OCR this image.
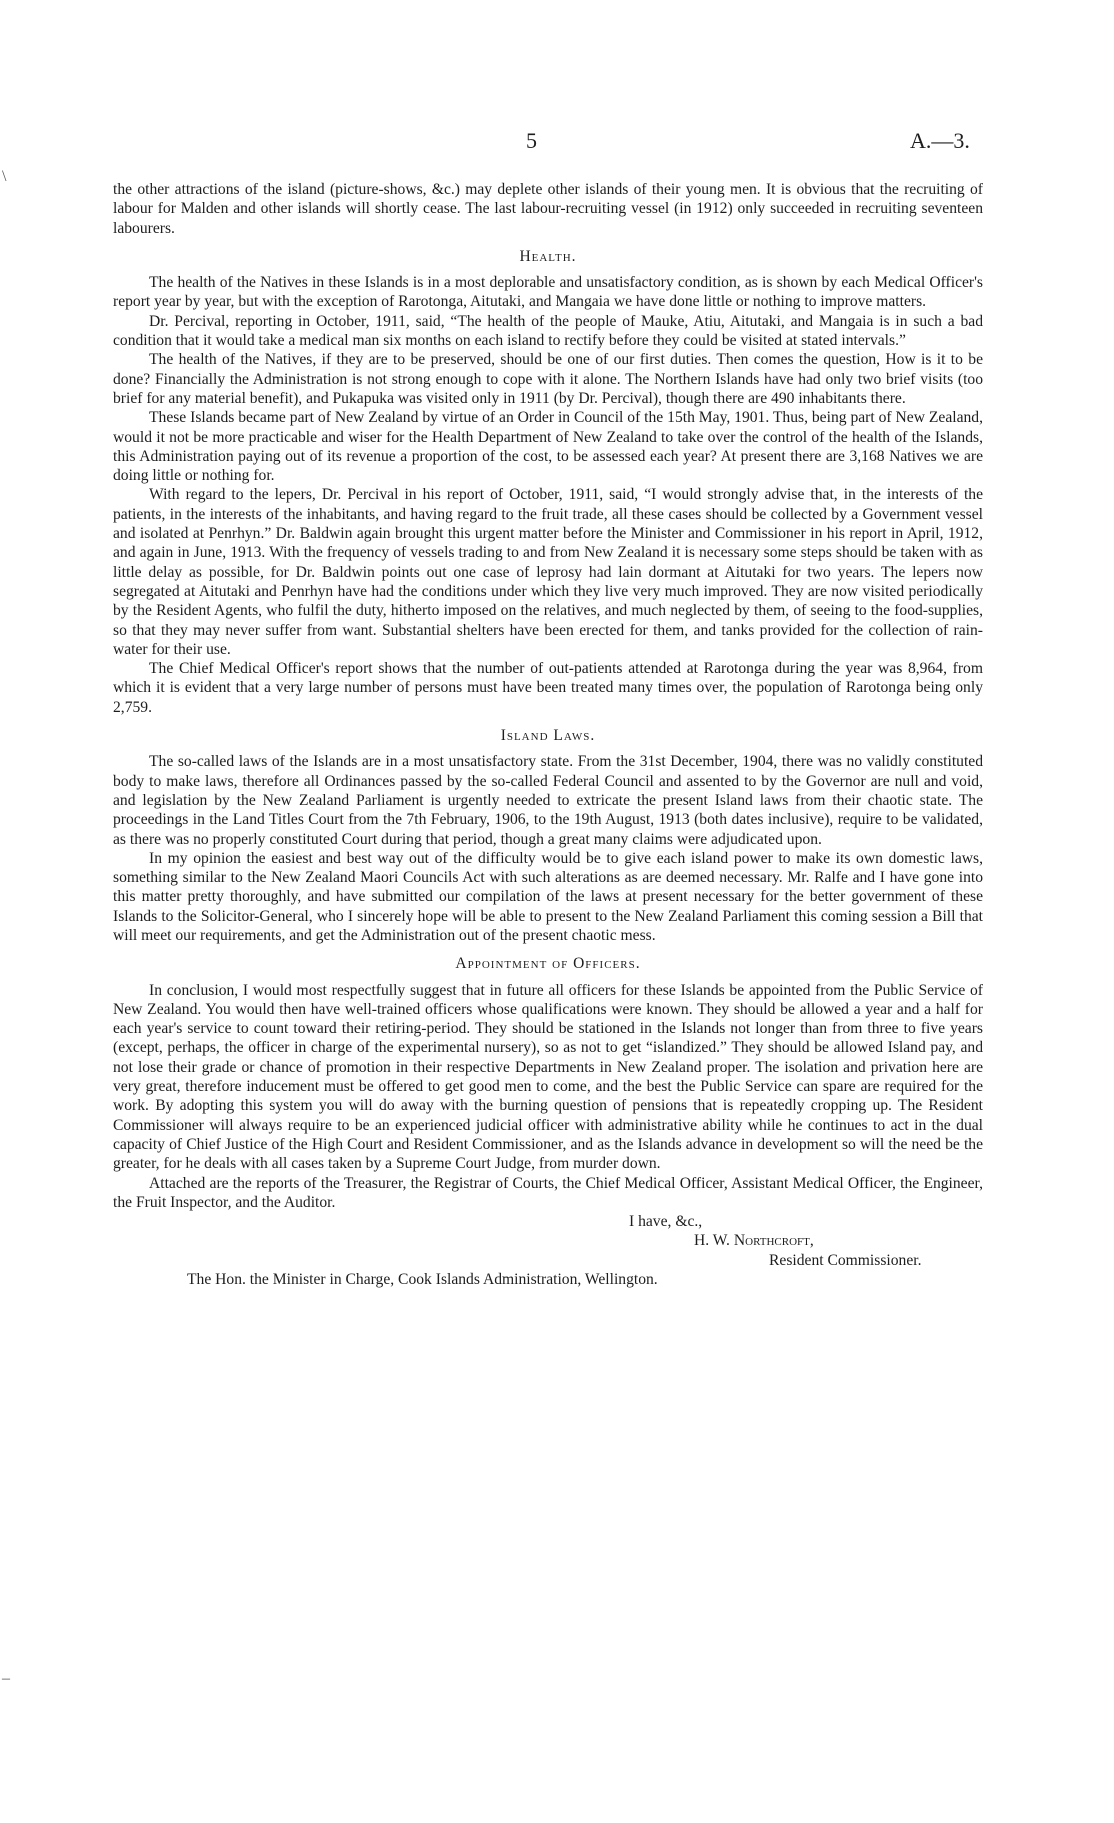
5	A.—3.
\
–

the other attractions of the island (picture-shows, &c.) may deplete other islands of their young men. It is obvious that the recruiting of labour for Malden and other islands will shortly cease. The last labour-recruiting vessel (in 1912) only succeeded in recruiting seventeen labourers.

Health.

The health of the Natives in these Islands is in a most deplorable and unsatisfactory condition, as is shown by each Medical Officer's report year by year, but with the exception of Rarotonga, Aitutaki, and Mangaia we have done little or nothing to improve matters.

Dr. Percival, reporting in October, 1911, said, “The health of the people of Mauke, Atiu, Aitutaki, and Mangaia is in such a bad condition that it would take a medical man six months on each island to rectify before they could be visited at stated intervals.”

The health of the Natives, if they are to be preserved, should be one of our first duties. Then comes the question, How is it to be done? Financially the Administration is not strong enough to cope with it alone. The Northern Islands have had only two brief visits (too brief for any material benefit), and Pukapuka was visited only in 1911 (by Dr. Percival), though there are 490 inhabitants there.

These Islands became part of New Zealand by virtue of an Order in Council of the 15th May, 1901. Thus, being part of New Zealand, would it not be more practicable and wiser for the Health Department of New Zealand to take over the control of the health of the Islands, this Administration paying out of its revenue a proportion of the cost, to be assessed each year? At present there are 3,168 Natives we are doing little or nothing for.

With regard to the lepers, Dr. Percival in his report of October, 1911, said, “I would strongly advise that, in the interests of the patients, in the interests of the inhabitants, and having regard to the fruit trade, all these cases should be collected by a Government vessel and isolated at Penrhyn.” Dr. Baldwin again brought this urgent matter before the Minister and Commissioner in his report in April, 1912, and again in June, 1913. With the frequency of vessels trading to and from New Zealand it is necessary some steps should be taken with as little delay as possible, for Dr. Baldwin points out one case of leprosy had lain dormant at Aitutaki for two years. The lepers now segregated at Aitutaki and Penrhyn have had the conditions under which they live very much improved. They are now visited periodically by the Resident Agents, who fulfil the duty, hitherto imposed on the relatives, and much neglected by them, of seeing to the food-supplies, so that they may never suffer from want. Substantial shelters have been erected for them, and tanks provided for the collection of rain-water for their use.

The Chief Medical Officer's report shows that the number of out-patients attended at Rarotonga during the year was 8,964, from which it is evident that a very large number of persons must have been treated many times over, the population of Rarotonga being only 2,759.

Island Laws.

The so-called laws of the Islands are in a most unsatisfactory state. From the 31st December, 1904, there was no validly constituted body to make laws, therefore all Ordinances passed by the so-called Federal Council and assented to by the Governor are null and void, and legislation by the New Zealand Parliament is urgently needed to extricate the present Island laws from their chaotic state. The proceedings in the Land Titles Court from the 7th February, 1906, to the 19th August, 1913 (both dates inclusive), require to be validated, as there was no properly constituted Court during that period, though a great many claims were adjudicated upon.

In my opinion the easiest and best way out of the difficulty would be to give each island power to make its own domestic laws, something similar to the New Zealand Maori Councils Act with such alterations as are deemed necessary. Mr. Ralfe and I have gone into this matter pretty thoroughly, and have submitted our compilation of the laws at present necessary for the better government of these Islands to the Solicitor-General, who I sincerely hope will be able to present to the New Zealand Parliament this coming session a Bill that will meet our requirements, and get the Administration out of the present chaotic mess.

Appointment of Officers.

In conclusion, I would most respectfully suggest that in future all officers for these Islands be appointed from the Public Service of New Zealand. You would then have well-trained officers whose qualifications were known. They should be allowed a year and a half for each year's service to count toward their retiring-period. They should be stationed in the Islands not longer than from three to five years (except, perhaps, the officer in charge of the experimental nursery), so as not to get “islandized.” They should be allowed Island pay, and not lose their grade or chance of promotion in their respective Departments in New Zealand proper. The isolation and privation here are very great, therefore inducement must be offered to get good men to come, and the best the Public Service can spare are required for the work. By adopting this system you will do away with the burning question of pensions that is repeatedly cropping up. The Resident Commissioner will always require to be an experienced judicial officer with administrative ability while he continues to act in the dual capacity of Chief Justice of the High Court and Resident Commissioner, and as the Islands advance in development so will the need be the greater, for he deals with all cases taken by a Supreme Court Judge, from murder down.

Attached are the reports of the Treasurer, the Registrar of Courts, the Chief Medical Officer, Assistant Medical Officer, the Engineer, the Fruit Inspector, and the Auditor.

I have, &c.,

H. W. Northcroft,

Resident Commissioner.

The Hon. the Minister in Charge, Cook Islands Administration, Wellington.
